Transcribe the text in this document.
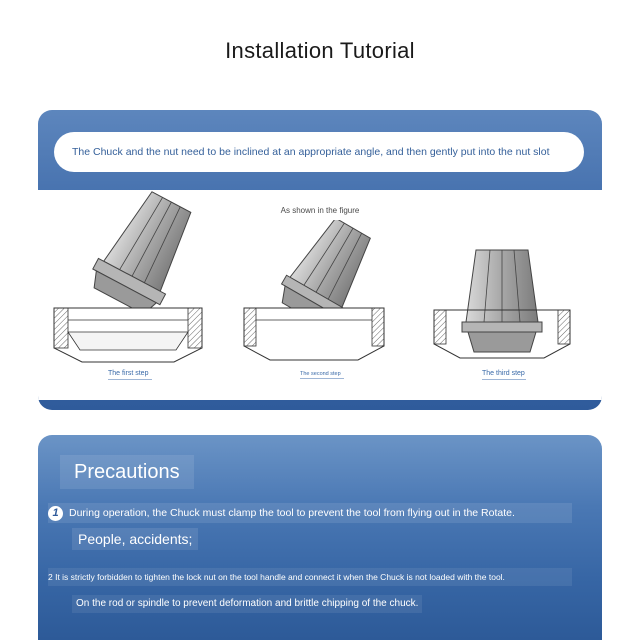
Installation Tutorial
The Chuck and the nut need to be inclined at an appropriate angle, and then gently put into the nut slot
As shown in the figure
The first step	The second step	The third step
Precautions
1 During operation, the Chuck must clamp the tool to prevent the tool from flying out in the Rotate.
People, accidents;
2 It is strictly forbidden to tighten the lock nut on the tool handle and connect it when the Chuck is not loaded with the tool.
On the rod or spindle to prevent deformation and brittle chipping of the chuck.
